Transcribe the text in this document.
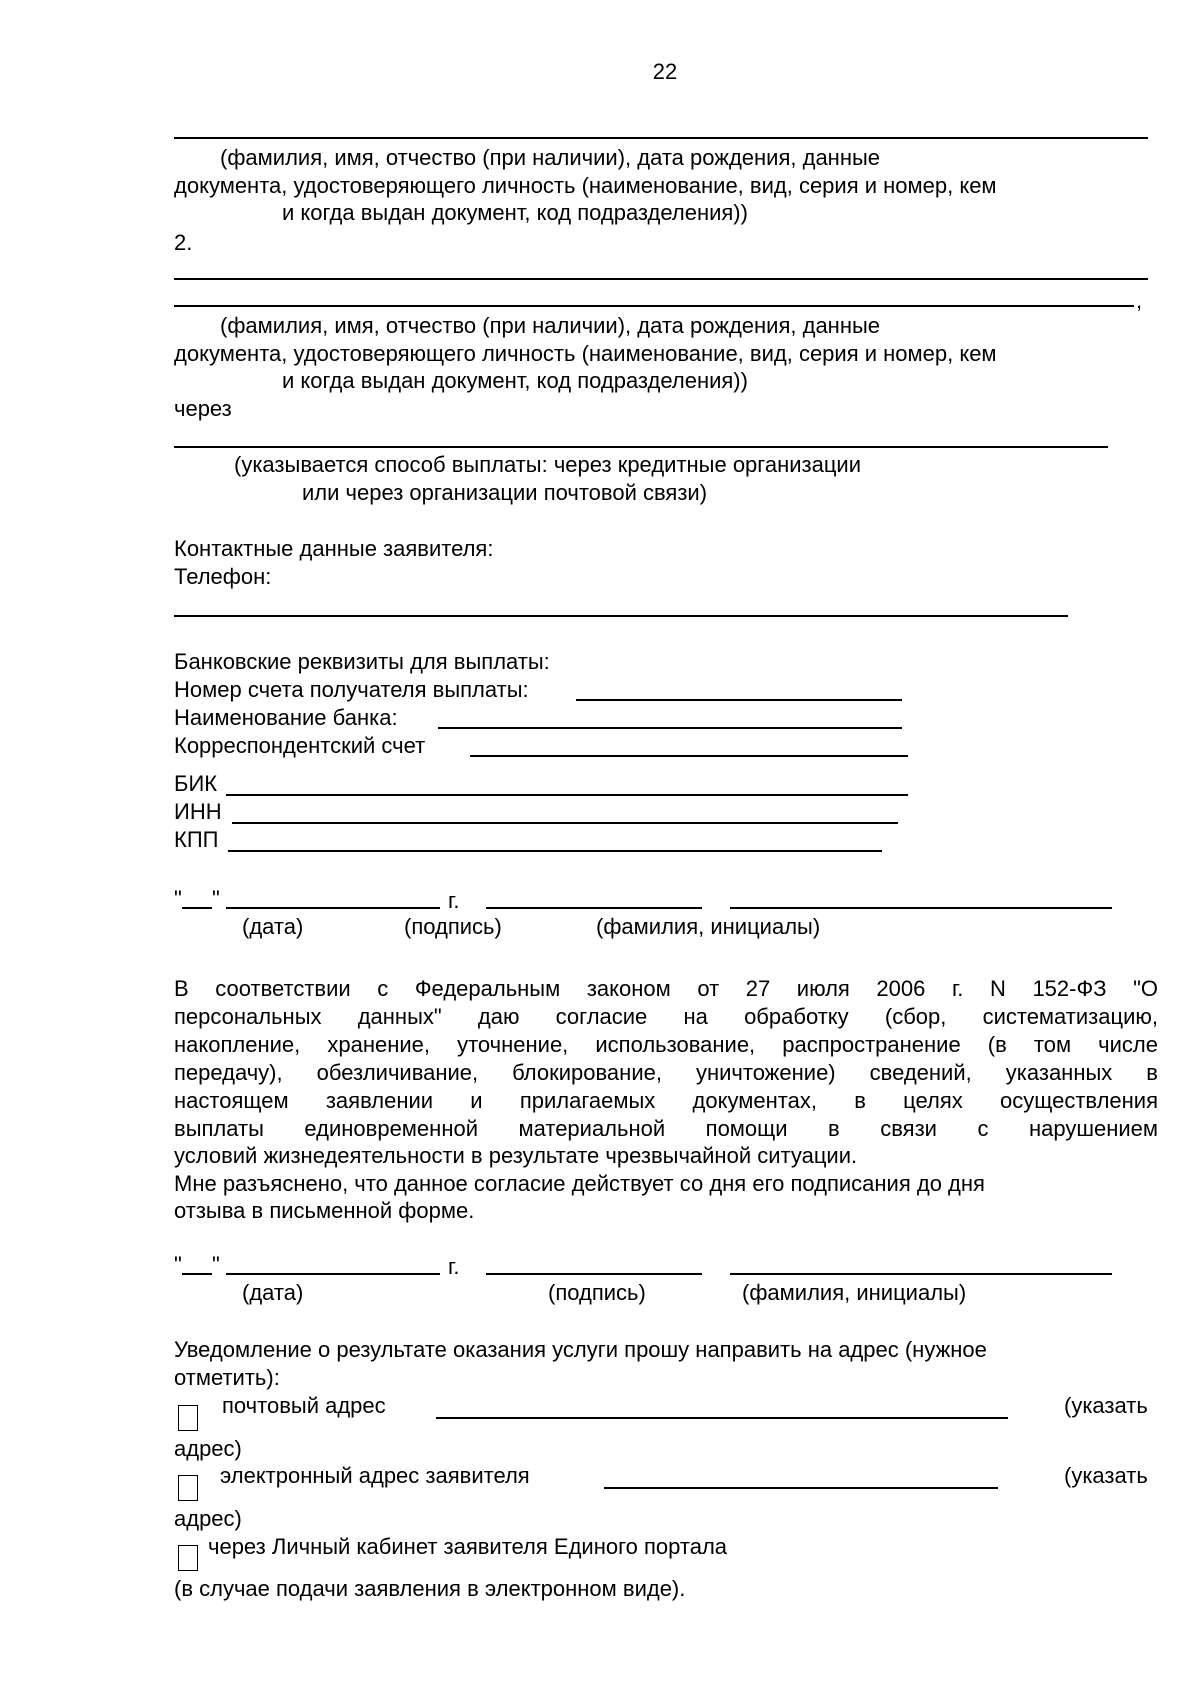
22
(фамилия, имя, отчество (при наличии), дата рождения, данные
документа, удостоверяющего личность (наименование, вид, серия и номер, кем
и когда выдан документ, код подразделения))
2.
,
(фамилия, имя, отчество (при наличии), дата рождения, данные
документа, удостоверяющего личность (наименование, вид, серия и номер, кем
и когда выдан документ, код подразделения))
через
(указывается способ выплаты: через кредитные организации
или через организации почтовой связи)
Контактные данные заявителя:
Телефон:
Банковские реквизиты для выплаты:
Номер счета получателя выплаты:
Наименование банка:
Корреспондентский счет
БИК
ИНН
КПП
" "	г.
(дата)	(подпись)	(фамилия, инициалы)
В соответствии с Федеральным законом от 27 июля 2006 г. N 152-ФЗ "О
персональных данных" даю согласие на обработку (сбор, систематизацию,
накопление, хранение, уточнение, использование, распространение (в том числе
передачу), обезличивание, блокирование, уничтожение) сведений, указанных в
настоящем заявлении и прилагаемых документах, в целях осуществления
выплаты единовременной материальной помощи в связи с нарушением
условий жизнедеятельности в результате чрезвычайной ситуации.
Мне разъяснено, что данное согласие действует со дня его подписания до дня
отзыва в письменной форме.
" "	г.
(дата)	(подпись)	(фамилия, инициалы)
Уведомление о результате оказания услуги прошу направить на адрес (нужное
отметить):
почтовый адрес	(указать
адрес)
электронный адрес заявителя	(указать
адрес)
через Личный кабинет заявителя Единого портала
(в случае подачи заявления в электронном виде).
